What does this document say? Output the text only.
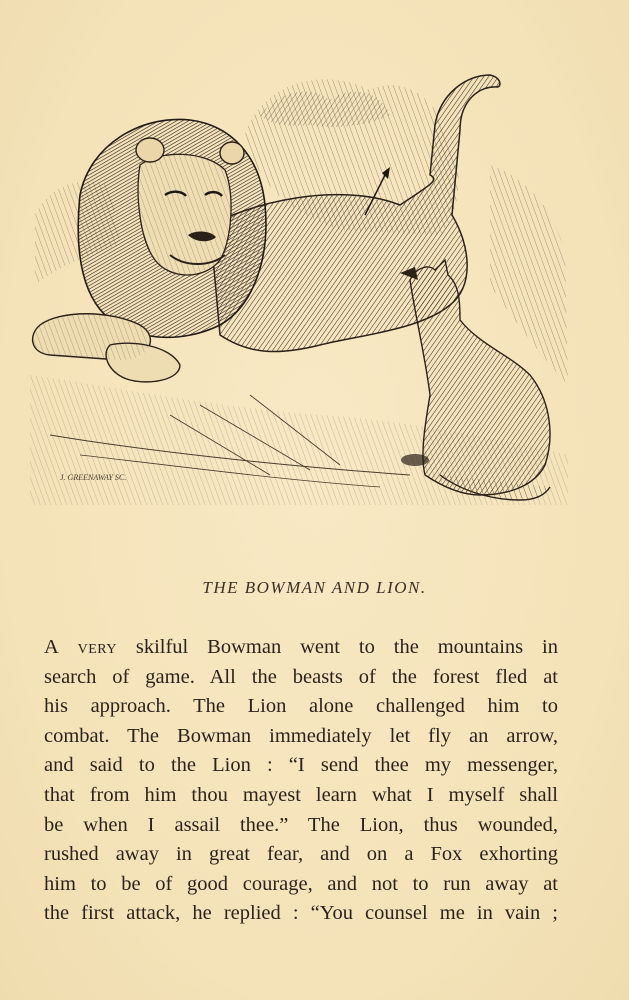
J. GREENAWAY SC.
THE BOWMAN AND LION.
A very skilful Bowman went to the mountains in
search of game. All the beasts of the forest fled at
his approach. The Lion alone challenged him to
combat. The Bowman immediately let fly an arrow,
and said to the Lion : “I send thee my messenger,
that from him thou mayest learn what I myself shall
be when I assail thee.” The Lion, thus wounded,
rushed away in great fear, and on a Fox exhorting
him to be of good courage, and not to run away at
the first attack, he replied : “You counsel me in vain ;
